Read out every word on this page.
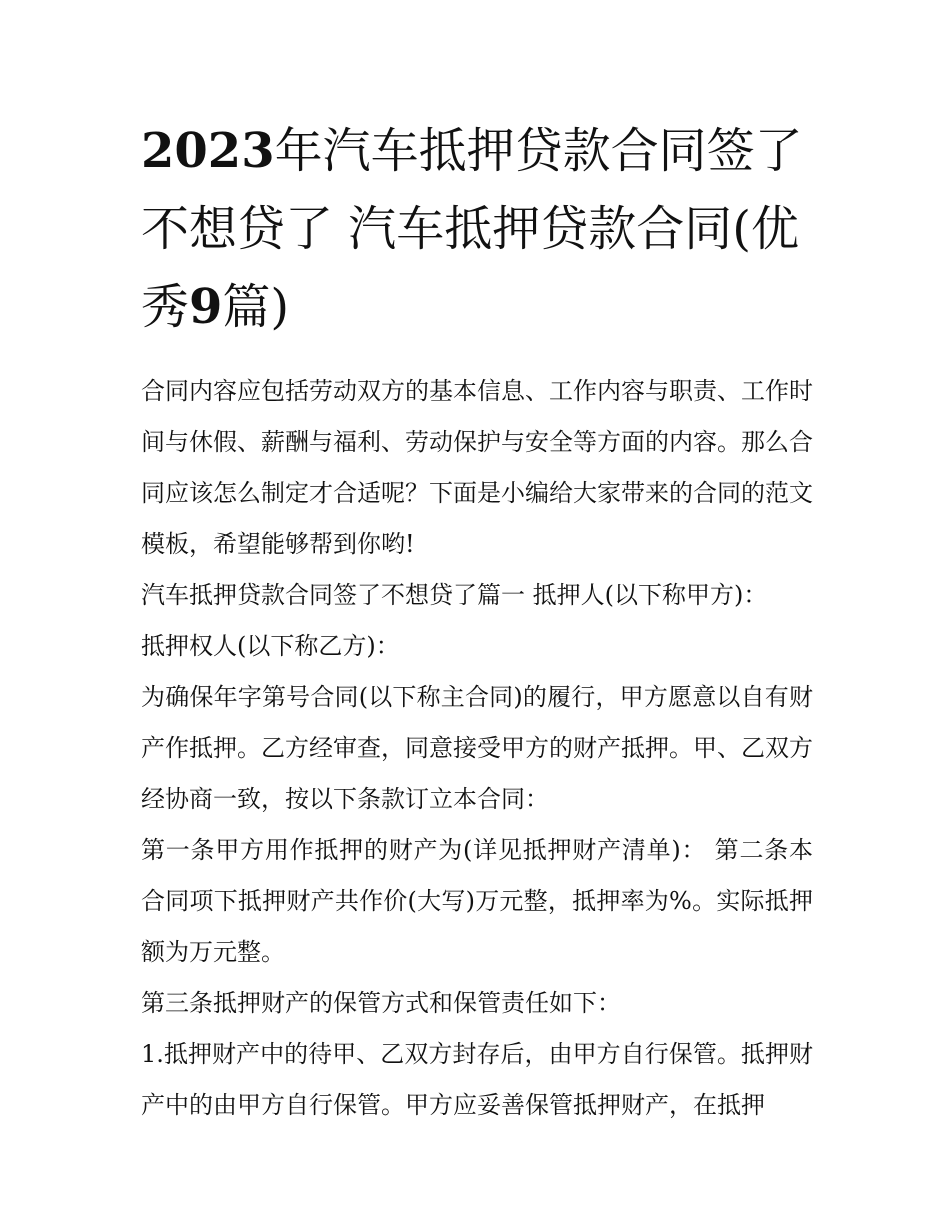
2023年汽车抵押贷款合同签了不想贷了 汽车抵押贷款合同(优秀9篇)

合同内容应包括劳动双方的基本信息、工作内容与职责、工作时间与休假、薪酬与福利、劳动保护与安全等方面的内容。那么合同应该怎么制定才合适呢？下面是小编给大家带来的合同的范文模板，希望能够帮到你哟!

汽车抵押贷款合同签了不想贷了篇一 抵押人(以下称甲方)：

抵押权人(以下称乙方)：

为确保年字第号合同(以下称主合同)的履行，甲方愿意以自有财产作抵押。乙方经审查，同意接受甲方的财产抵押。甲、乙双方经协商一致，按以下条款订立本合同：

第一条甲方用作抵押的财产为(详见抵押财产清单)： 第二条本合同项下抵押财产共作价(大写)万元整，抵押率为%。实际抵押额为万元整。

第三条抵押财产的保管方式和保管责任如下：

1.抵押财产中的待甲、乙双方封存后，由甲方自行保管。抵押财产中的由甲方自行保管。甲方应妥善保管抵押财产，在抵押
